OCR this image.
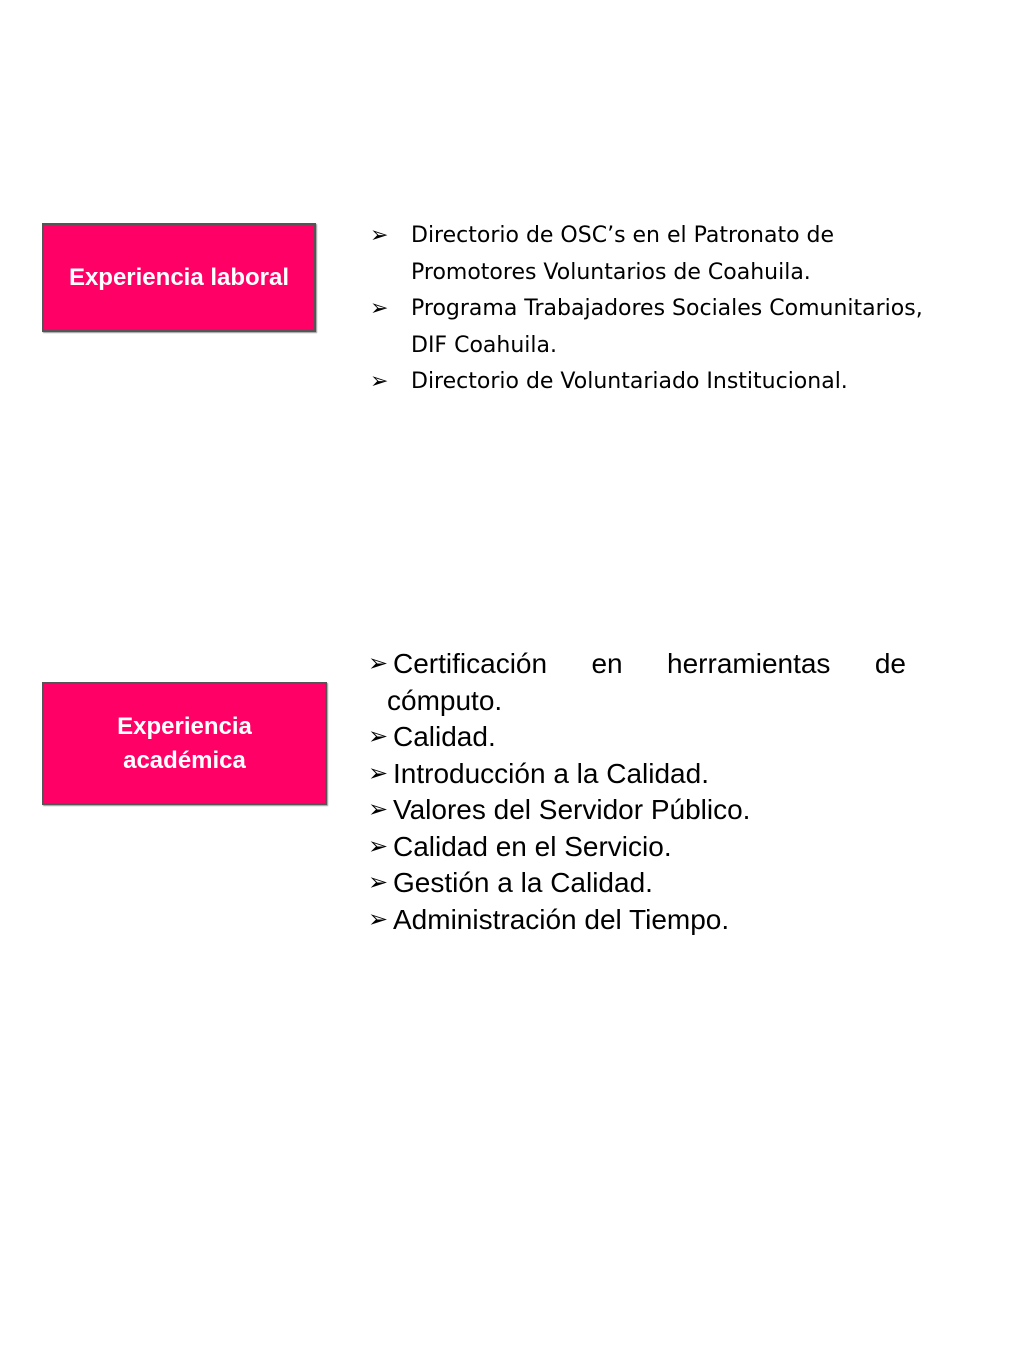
Experiencia laboral
➢ Directorio de OSC’s en el Patronato de
Promotores Voluntarios de Coahuila.
➢ Programa Trabajadores Sociales Comunitarios,
DIF Coahuila.
➢ Directorio de Voluntariado Institucional.
Experiencia
académica
➢ Certificación en herramientas de
cómputo.
➢ Calidad.
➢ Introducción a la Calidad.
➢ Valores del Servidor Público.
➢ Calidad en el Servicio.
➢ Gestión a la Calidad.
➢ Administración del Tiempo.
